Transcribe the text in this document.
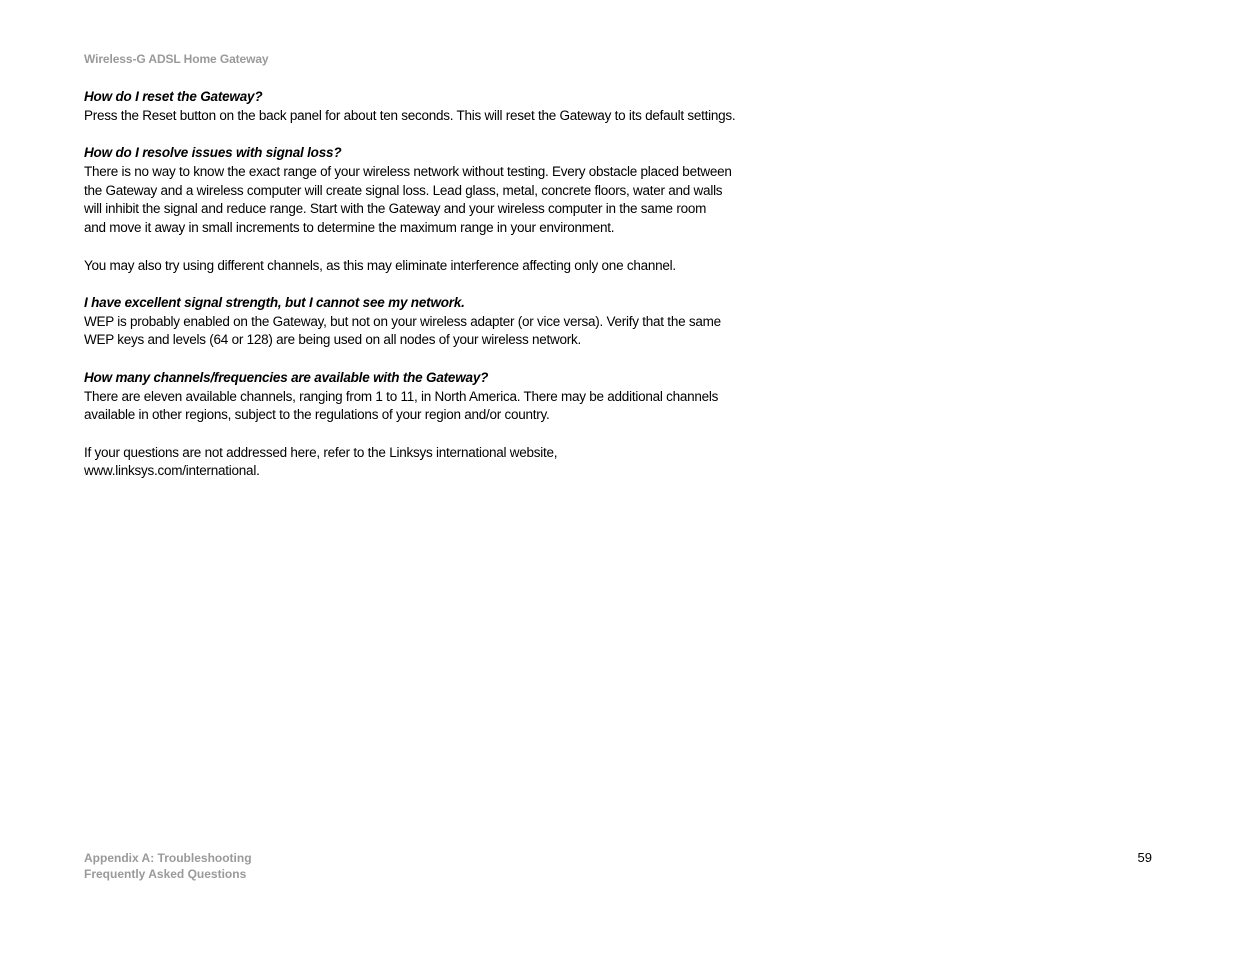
Wireless-G ADSL Home Gateway

How do I reset the Gateway?

Press the Reset button on the back panel for about ten seconds. This will reset the Gateway to its default settings.

How do I resolve issues with signal loss?

There is no way to know the exact range of your wireless network without testing. Every obstacle placed between
the Gateway and a wireless computer will create signal loss. Lead glass, metal, concrete floors, water and walls
will inhibit the signal and reduce range. Start with the Gateway and your wireless computer in the same room
and move it away in small increments to determine the maximum range in your environment.

You may also try using different channels, as this may eliminate interference affecting only one channel.

I have excellent signal strength, but I cannot see my network.

WEP is probably enabled on the Gateway, but not on your wireless adapter (or vice versa). Verify that the same
WEP keys and levels (64 or 128) are being used on all nodes of your wireless network.

How many channels/frequencies are available with the Gateway?

There are eleven available channels, ranging from 1 to 11, in North America. There may be additional channels
available in other regions, subject to the regulations of your region and/or country.

If your questions are not addressed here, refer to the Linksys international website,
www.linksys.com/international.

Appendix A: Troubleshooting
Frequently Asked Questions
59
